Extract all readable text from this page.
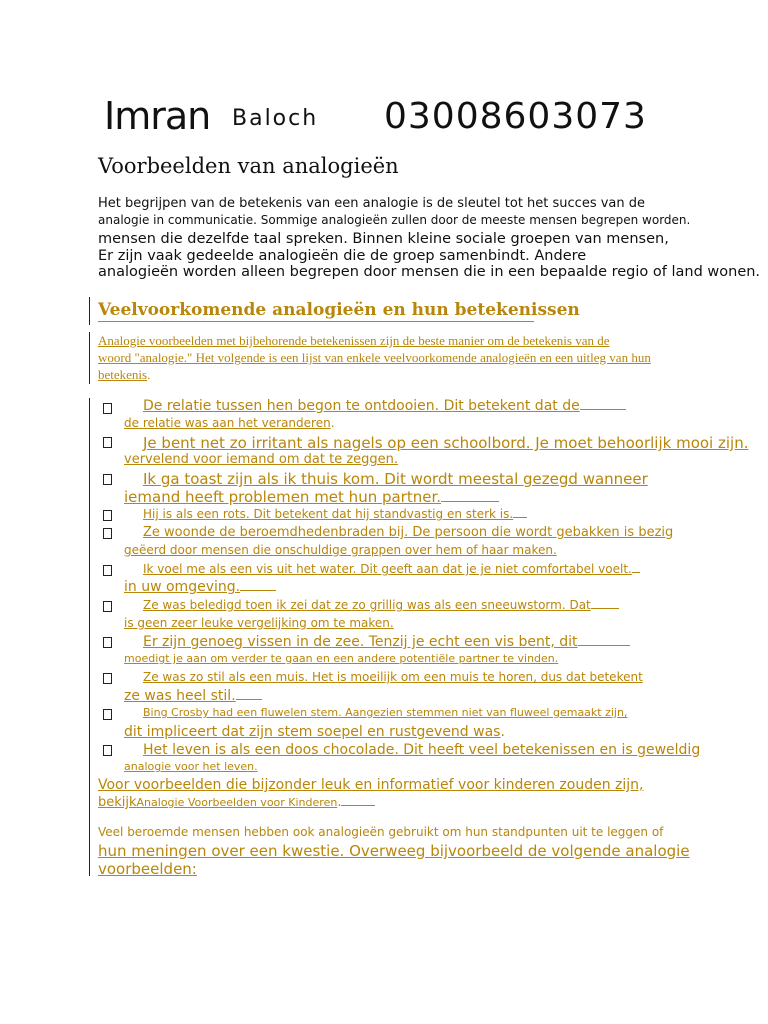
Imran Baloch 03008603073
Voorbeelden van analogieën
Het begrijpen van de betekenis van een analogie is de sleutel tot het succes van de
analogie in communicatie. Sommige analogieën zullen door de meeste mensen begrepen worden.
mensen die dezelfde taal spreken. Binnen kleine sociale groepen van mensen,
Er zijn vaak gedeelde analogieën die de groep samenbindt. Andere
analogieën worden alleen begrepen door mensen die in een bepaalde regio of land wonen.
Veelvoorkomende analogieën en hun betekenissen
Analogie voorbeelden met bijbehorende betekenissen zijn de beste manier om de betekenis van de
woord "analogie." Het volgende is een lijst van enkele veelvoorkomende analogieën en een uitleg van hun
betekenis.
De relatie tussen hen begon te ontdooien. Dit betekent dat de
de relatie was aan het veranderen.
Je bent net zo irritant als nagels op een schoolbord. Je moet behoorlijk mooi zijn.
vervelend voor iemand om dat te zeggen.
Ik ga toast zijn als ik thuis kom. Dit wordt meestal gezegd wanneer
iemand heeft problemen met hun partner.
Hij is als een rots. Dit betekent dat hij standvastig en sterk is.
Ze woonde de beroemdhedenbraden bij. De persoon die wordt gebakken is bezig
geëerd door mensen die onschuldige grappen over hem of haar maken.
Ik voel me als een vis uit het water. Dit geeft aan dat je je niet comfortabel voelt.
in uw omgeving.
Ze was beledigd toen ik zei dat ze zo grillig was als een sneeuwstorm. Dat
is geen zeer leuke vergelijking om te maken.
Er zijn genoeg vissen in de zee. Tenzij je echt een vis bent, dit
moedigt je aan om verder te gaan en een andere potentiële partner te vinden.
Ze was zo stil als een muis. Het is moeilijk om een muis te horen, dus dat betekent
ze was heel stil.
Bing Crosby had een fluwelen stem. Aangezien stemmen niet van fluweel gemaakt zijn,
dit impliceert dat zijn stem soepel en rustgevend was.
Het leven is als een doos chocolade. Dit heeft veel betekenissen en is geweldig
analogie voor het leven.
Voor voorbeelden die bijzonder leuk en informatief voor kinderen zouden zijn,
bekijkAnalogie Voorbeelden voor Kinderen.
Veel beroemde mensen hebben ook analogieën gebruikt om hun standpunten uit te leggen of
hun meningen over een kwestie. Overweeg bijvoorbeeld de volgende analogie
voorbeelden:
